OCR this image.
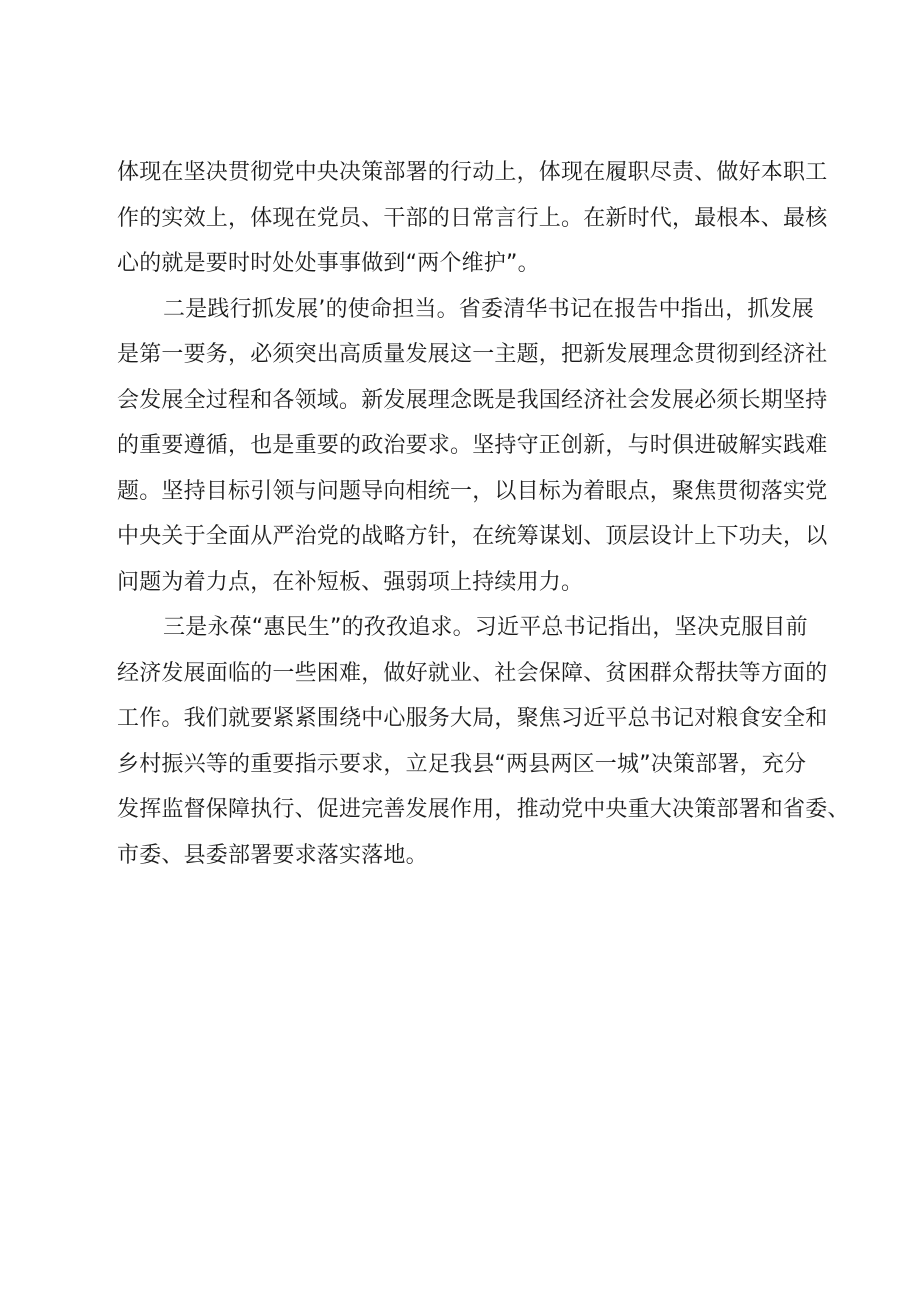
体现在坚决贯彻党中央决策部署的行动上，体现在履职尽责、做好本职工
作的实效上，体现在党员、干部的日常言行上。在新时代，最根本、最核
心的就是要时时处处事事做到“两个维护”。
二是践行抓发展’的使命担当。省委清华书记在报告中指出，抓发展
是第一要务，必须突出高质量发展这一主题，把新发展理念贯彻到经济社
会发展全过程和各领域。新发展理念既是我国经济社会发展必须长期坚持
的重要遵循，也是重要的政治要求。坚持守正创新，与时俱进破解实践难
题。坚持目标引领与问题导向相统一，以目标为着眼点，聚焦贯彻落实党
中央关于全面从严治党的战略方针，在统筹谋划、顶层设计上下功夫，以
问题为着力点，在补短板、强弱项上持续用力。
三是永葆“惠民生”的孜孜追求。习近平总书记指出，坚决克服目前
经济发展面临的一些困难，做好就业、社会保障、贫困群众帮扶等方面的
工作。我们就要紧紧围绕中心服务大局，聚焦习近平总书记对粮食安全和
乡村振兴等的重要指示要求，立足我县“两县两区一城”决策部署，充分
发挥监督保障执行、促进完善发展作用，推动党中央重大决策部署和省委、
市委、县委部署要求落实落地。
